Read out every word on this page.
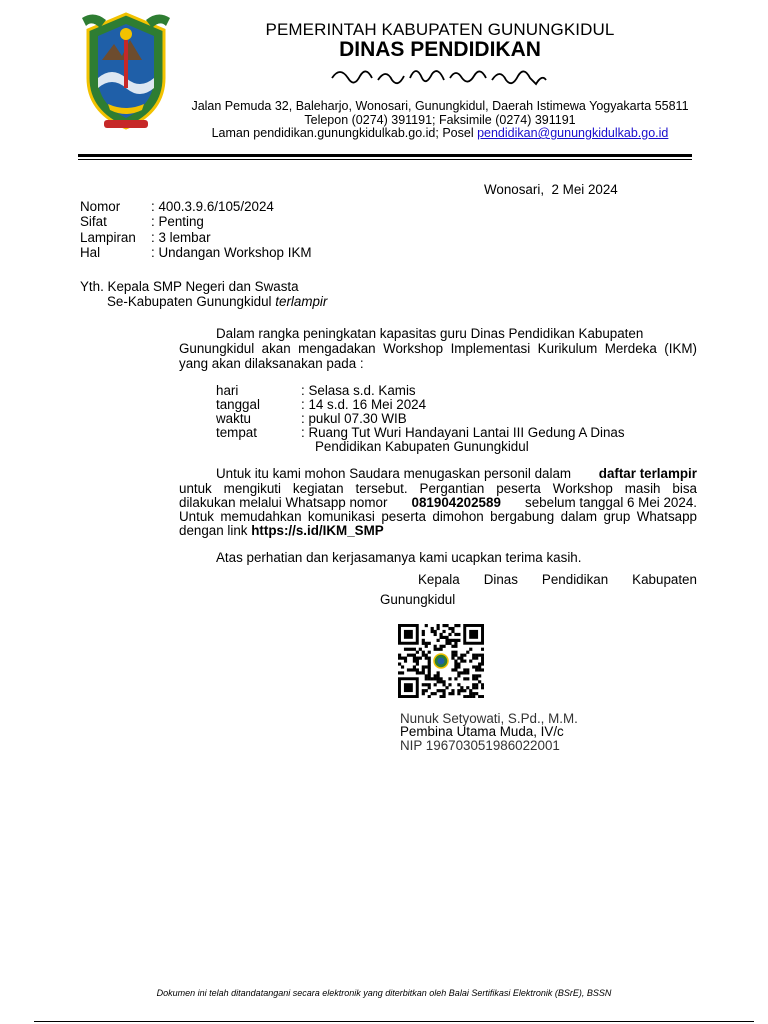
PEMERINTAH KABUPATEN GUNUNGKIDUL
DINAS PENDIDIKAN
Jalan Pemuda 32, Baleharjo, Wonosari, Gunungkidul, Daerah Istimewa Yogyakarta 55811
Telepon (0274) 391191; Faksimile (0274) 391191
Laman pendidikan.gunungkidulkab.go.id; Posel pendidikan@gunungkidulkab.go.id
Wonosari, 2 Mei 2024
Nomor : 400.3.9.6/105/2024
Sifat	: Penting
Lampiran : 3 lembar
Hal	: Undangan Workshop IKM
Yth. Kepala SMP Negeri dan Swasta
Se-Kabupaten Gunungkidul terlampir
Dalam rangka peningkatan kapasitas guru Dinas Pendidikan Kabupaten
Gunungkidul akan mengadakan Workshop Implementasi Kurikulum Merdeka (IKM)
yang akan dilaksanakan pada :
hari	: Selasa s.d. Kamis
tanggal	: 14 s.d. 16 Mei 2024
waktu	: pukul 07.30 WIB
tempat	: Ruang Tut Wuri Handayani Lantai III Gedung A Dinas
Pendidikan Kabupaten Gunungkidul
Untuk itu kami mohon Saudara menugaskan personil dalam daftar terlampir
untuk mengikuti kegiatan tersebut. Pergantian peserta Workshop masih bisa
dilakukan melalui Whatsapp nomor 081904202589 sebelum tanggal 6 Mei 2024.
Untuk memudahkan komunikasi peserta dimohon bergabung dalam grup Whatsapp
dengan link https://s.id/IKM_SMP
Atas perhatian dan kerjasamanya kami ucapkan terima kasih.
Kepala Dinas Pendidikan Kabupaten
Gunungkidul
Nunuk Setyowati, S.Pd., M.M.
Pembina Utama Muda, IV/c
NIP 196703051986022001
Dokumen ini telah ditandatangani secara elektronik yang diterbitkan oleh Balai Sertifikasi Elektronik (BSrE), BSSN
